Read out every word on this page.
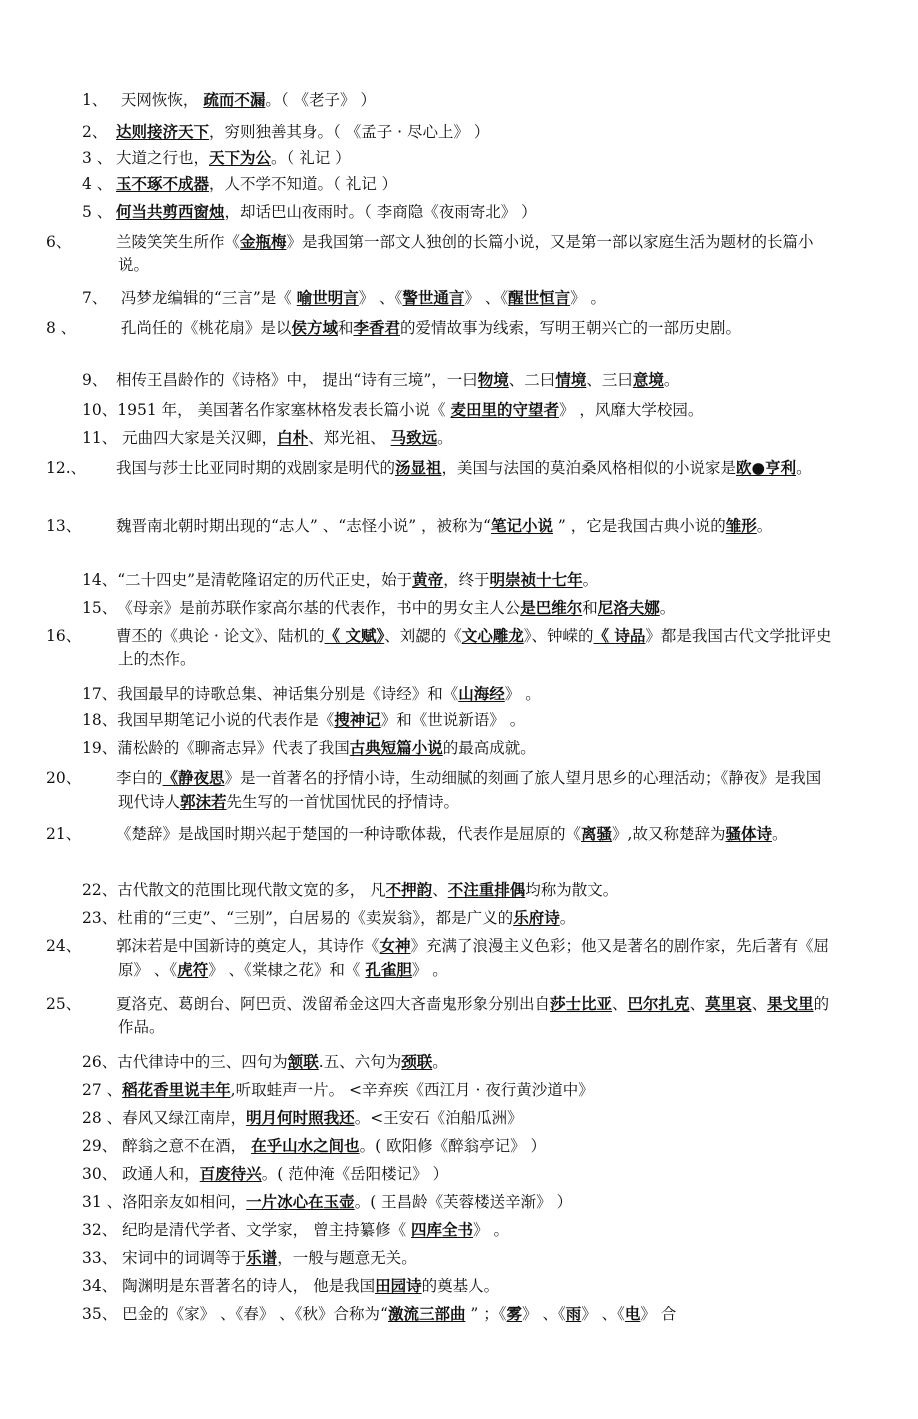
1、 天网恢恢， 疏而不漏。（ 《老子》 ）
2、 达则接济天下，穷则独善其身。（ 《孟子 · 尽心上》 ）
3 、 大道之行也，天下为公。（ 礼记 ）
4 、 玉不琢不成器，人不学不知道。（ 礼记 ）
5 、 何当共剪西窗烛，却话巴山夜雨时。（ 李商隐《夜雨寄北》 ）
6、	兰陵笑笑生所作《金瓶梅》是我国第一部文人独创的长篇小说，又是第一部以家庭生活为题材的长篇小说。
7、 冯梦龙编辑的“三言”是《 喻世明言》 、《警世通言》 、《醒世恒言》 。
8 、	孔尚任的《桃花扇》是以侯方域和李香君的爱情故事为线索，写明王朝兴亡的一部历史剧。
9、 相传王昌龄作的《诗格》中， 提出“诗有三境”，一曰物境、二曰情境、三曰意境。
10、1951 年， 美国著名作家塞林格发表长篇小说《 麦田里的守望者》 ，风靡大学校园。
11、 元曲四大家是关汉卿，白朴、郑光祖、 马致远。
12.、 我国与莎士比亚同时期的戏剧家是明代的汤显祖，美国与法国的莫泊桑风格相似的小说家是欧●亨利。
13、 魏晋南北朝时期出现的“志人” 、“志怪小说” ，被称为“笔记小说 ” ，它是我国古典小说的雏形。
14、“二十四史”是清乾隆诏定的历代正史，始于黄帝，终于明崇祯十七年。
15、《母亲》是前苏联作家高尔基的代表作，书中的男女主人公是巴维尔和尼洛夫娜。
16、 曹丕的《典论 · 论文》、陆机的《 文赋》、刘勰的《文心雕龙》、钟嵘的《 诗品》都是我国古代文学批评史上的杰作。
17、我国最早的诗歌总集、神话集分别是《诗经》和《山海经》 。
18、我国早期笔记小说的代表作是《搜神记》和《世说新语》 。
19、蒲松龄的《聊斋志异》代表了我国古典短篇小说的最高成就。
20、 李白的《静夜思》是一首著名的抒情小诗，生动细腻的刻画了旅人望月思乡的心理活动；《静夜》是我国现代诗人郭沫若先生写的一首忧国忧民的抒情诗。
21、 《楚辞》是战国时期兴起于楚国的一种诗歌体裁，代表作是屈原的《离骚》,故又称楚辞为骚体诗。
22、古代散文的范围比现代散文宽的多， 凡不押韵、不注重排偶均称为散文。
23、杜甫的“三吏”、“三别”，白居易的《卖炭翁》，都是广义的乐府诗。
24、 郭沫若是中国新诗的奠定人，其诗作《女神》充满了浪漫主义色彩；他又是著名的剧作家，先后著有《屈原》 、《虎符》 、《棠棣之花》和《 孔雀胆》 。
25、 夏洛克、葛朗台、阿巴贡、泼留希金这四大吝啬鬼形象分别出自莎士比亚、巴尔扎克、莫里哀、果戈里的作品。
26、古代律诗中的三、四句为颔联.五、六句为颈联。
27 、稻花香里说丰年,听取蛙声一片。 <辛弃疾《西江月 · 夜行黄沙道中》
28 、春风又绿江南岸，明月何时照我还。<王安石《泊船瓜洲》
29、 醉翁之意不在酒， 在乎山水之间也。( 欧阳修《醉翁亭记》 ）
30、 政通人和，百废待兴。( 范仲淹《岳阳楼记》 ）
31 、洛阳亲友如相问，一片冰心在玉壶。( 王昌龄《芙蓉楼送辛渐》 ）
32、 纪昀是清代学者、文学家， 曾主持纂修《 四库全书》 。
33、 宋词中的词调等于乐谱，一般与题意无关。
34、 陶渊明是东晋著名的诗人， 他是我国田园诗的奠基人。
35、 巴金的《家》 、《春》 、《秋》合称为“激流三部曲 ” ；《雾》 、《雨》 、《电》 合
